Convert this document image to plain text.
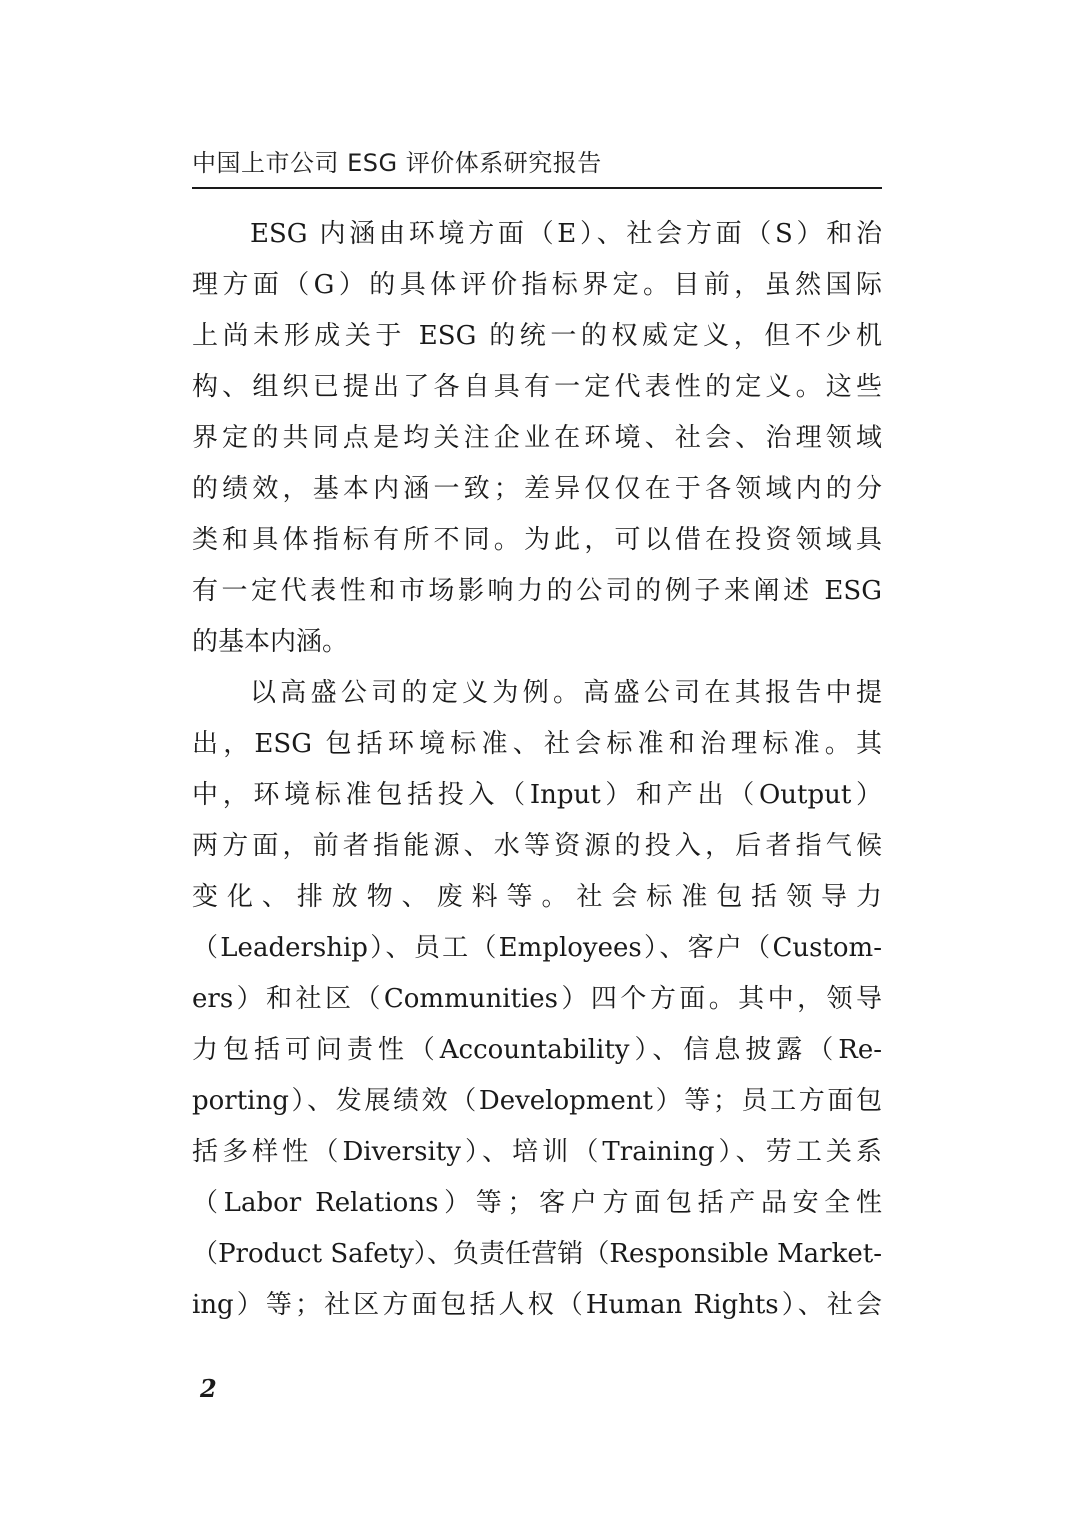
中国上市公司 ESG 评价体系研究报告
ESG 内涵由环境方面（E）、社会方面（S）和治
理方面（G）的具体评价指标界定。目前，虽然国际
上尚未形成关于 ESG 的统一的权威定义，但不少机
构、组织已提出了各自具有一定代表性的定义。这些
界定的共同点是均关注企业在环境、社会、治理领域
的绩效，基本内涵一致；差异仅仅在于各领域内的分
类和具体指标有所不同。为此，可以借在投资领域具
有一定代表性和市场影响力的公司的例子来阐述 ESG
的基本内涵。
以高盛公司的定义为例。高盛公司在其报告中提
出，ESG 包括环境标准、社会标准和治理标准。其
中，环境标准包括投入（Input）和产出（Output）
两方面，前者指能源、水等资源的投入，后者指气候
变化、排放物、废料等。社会标准包括领导力
（Leadership）、员工（Employees）、客户（Custom-
ers）和社区（Communities）四个方面。其中，领导
力包括可问责性（Accountability）、信息披露（Re-
porting）、发展绩效（Development）等；员工方面包
括多样性（Diversity）、培训（Training）、劳工关系
（Labor Relations）等；客户方面包括产品安全性
（Product Safety）、负责任营销（Responsible Market-
ing）等；社区方面包括人权（Human Rights）、社会
2
